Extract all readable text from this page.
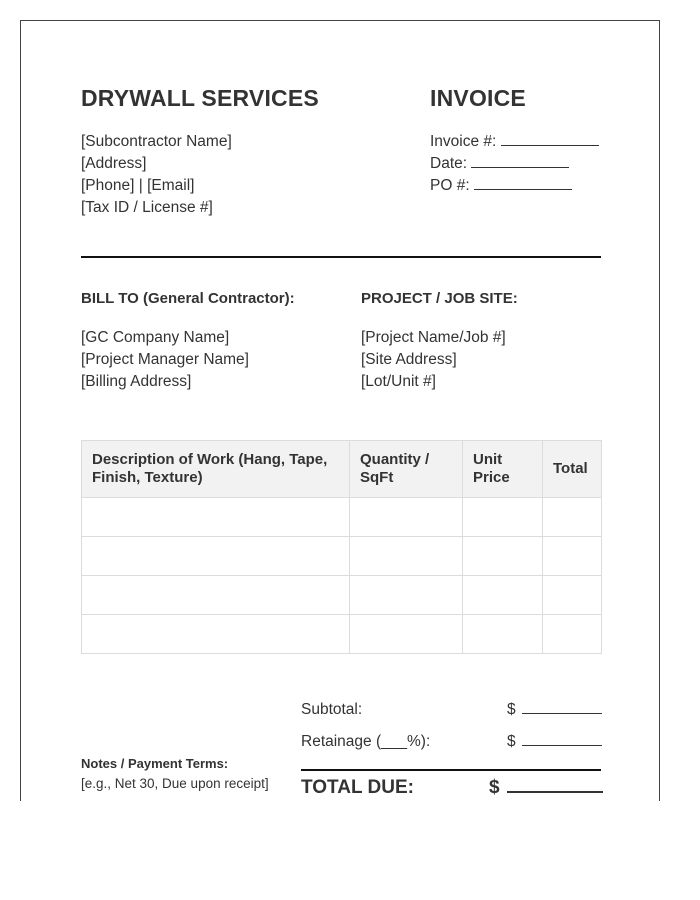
DRYWALL SERVICES	INVOICE
[Subcontractor Name]
[Address]
[Phone] | [Email]
[Tax ID / License #]
Invoice #:
Date:
PO #:
BILL TO (General Contractor):	PROJECT / JOB SITE:
[GC Company Name]
[Project Manager Name]
[Billing Address]
[Project Name/Job #]
[Site Address]
[Lot/Unit #]
Description of Work (Hang, Tape, Finish, Texture)	Quantity / SqFt	Unit Price	Total

Subtotal:	$
Retainage (___%):	$
TOTAL DUE:	$
Notes / Payment Terms:
[e.g., Net 30, Due upon receipt]
